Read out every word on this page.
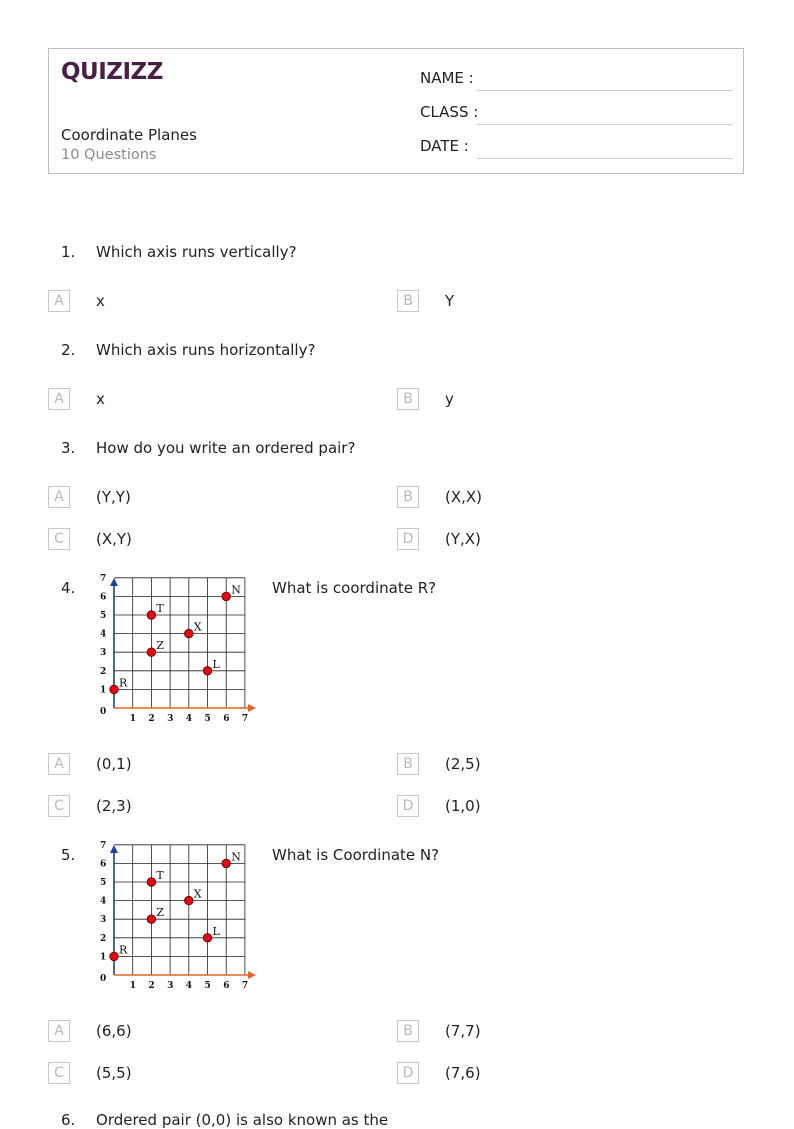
QUIZIZZ
Coordinate Planes
10 Questions
NAME :
CLASS :
DATE :
1. Which axis runs vertically?
A	x	B	Y
2. Which axis runs horizontally?
A	x	B	y
3. How do you write an ordered pair?
A	(Y,Y)	B	(X,X)
C	(X,Y)	D	(Y,X)
4.
0
1 2 3 4 5 6 7
1
2
3
4
5
6
7
R
T
Z
X
L
N What is coordinate R?
A	(0,1)	B	(2,5)
C	(2,3)	D	(1,0)
5.
0
1 2 3 4 5 6 7
1
2
3
4
5
6
7
R
T
Z
X
L
N What is Coordinate N?
A	(6,6)	B	(7,7)
C	(5,5)	D	(7,6)
6. Ordered pair (0,0) is also known as the
